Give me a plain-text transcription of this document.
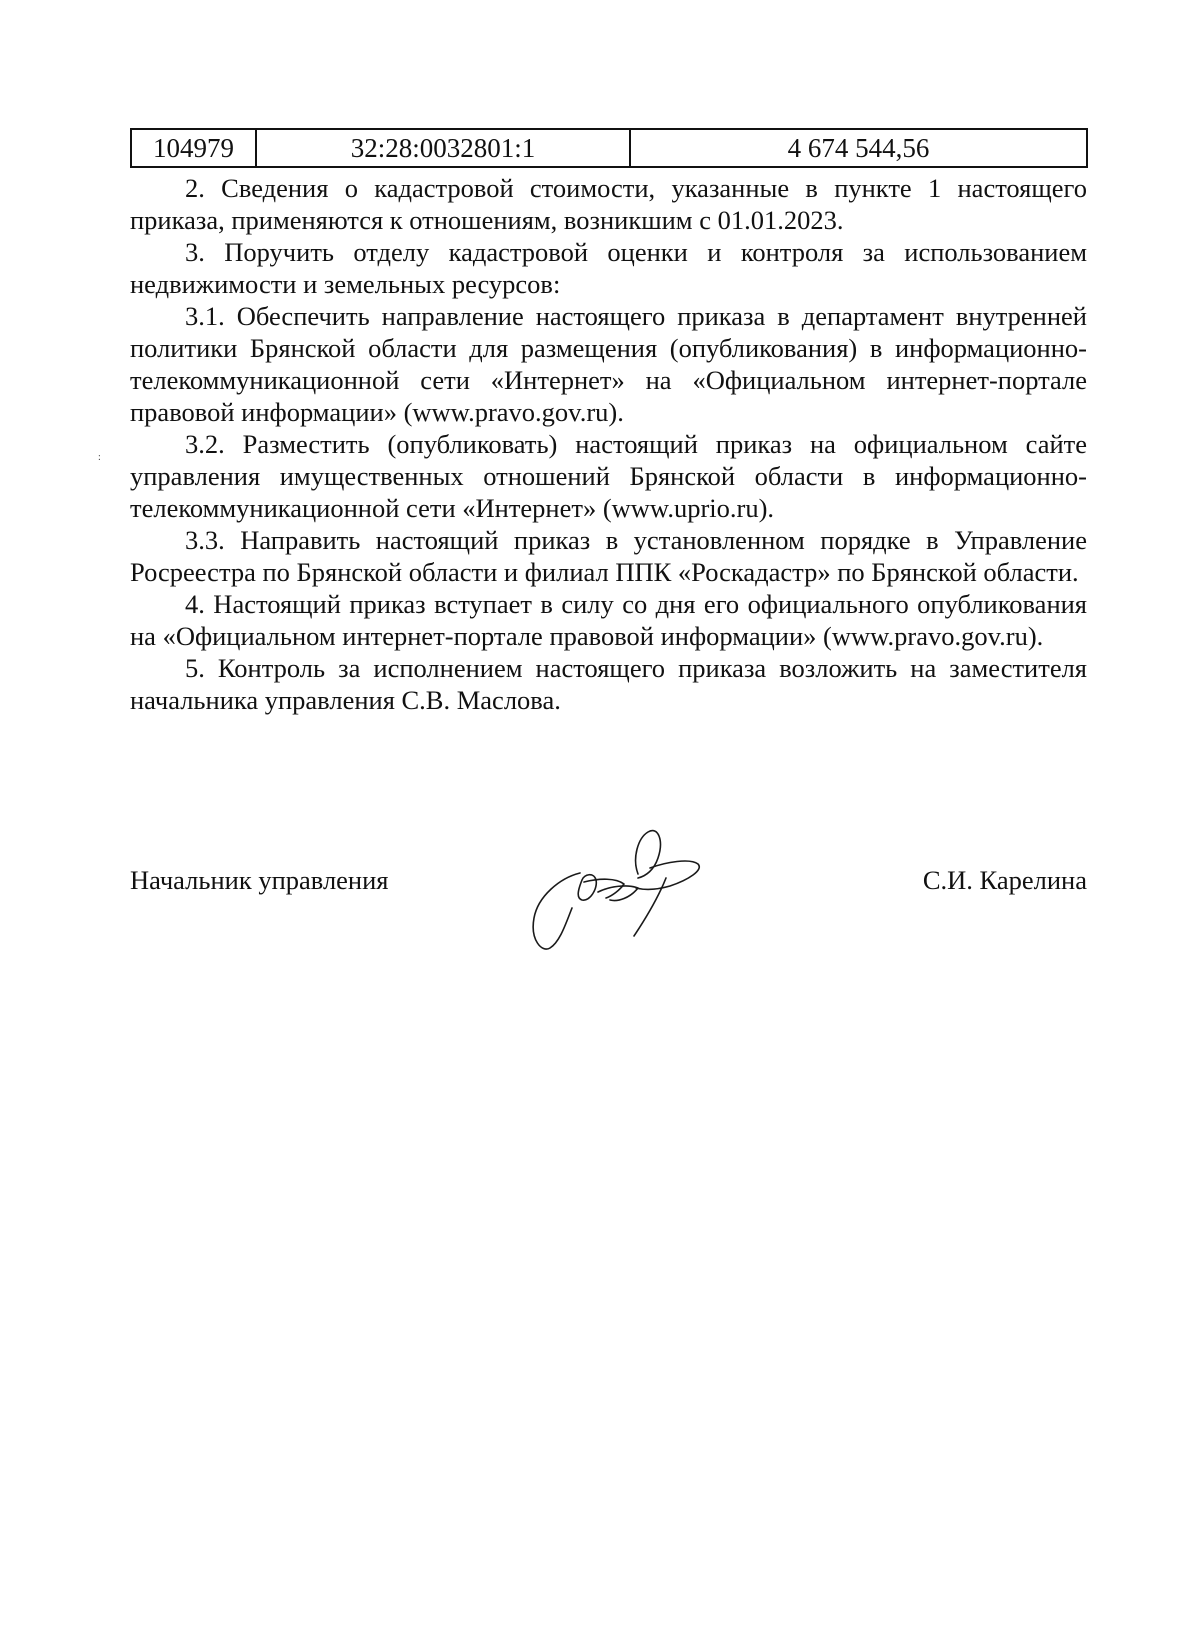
104979	32:28:0032801:1	4 674 544,56
:

2. Сведения о кадастровой стоимости, указанные в пункте 1 настоящего приказа, применяются к отношениям, возникшим с 01.01.2023.

3. Поручить отделу кадастровой оценки и контроля за использованием недвижимости и земельных ресурсов:

3.1. Обеспечить направление настоящего приказа в департамент внутренней политики Брянской области для размещения (опубликования) в информационно-телекоммуникационной сети «Интернет» на «Официальном интернет-портале правовой информации» (www.pravo.gov.ru).

3.2. Разместить (опубликовать) настоящий приказ на официальном сайте управления имущественных отношений Брянской области в информационно-телекоммуникационной сети «Интернет» (www.uprio.ru).

3.3. Направить настоящий приказ в установленном порядке в Управление Росреестра по Брянской области и филиал ППК «Роскадастр» по Брянской области.

4. Настоящий приказ вступает в силу со дня его официального опубликования на «Официальном интернет-портале правовой информации» (www.pravo.gov.ru).

5. Контроль за исполнением настоящего приказа возложить на заместителя начальника управления С.В. Маслова.

Начальник управления	С.И. Карелина
